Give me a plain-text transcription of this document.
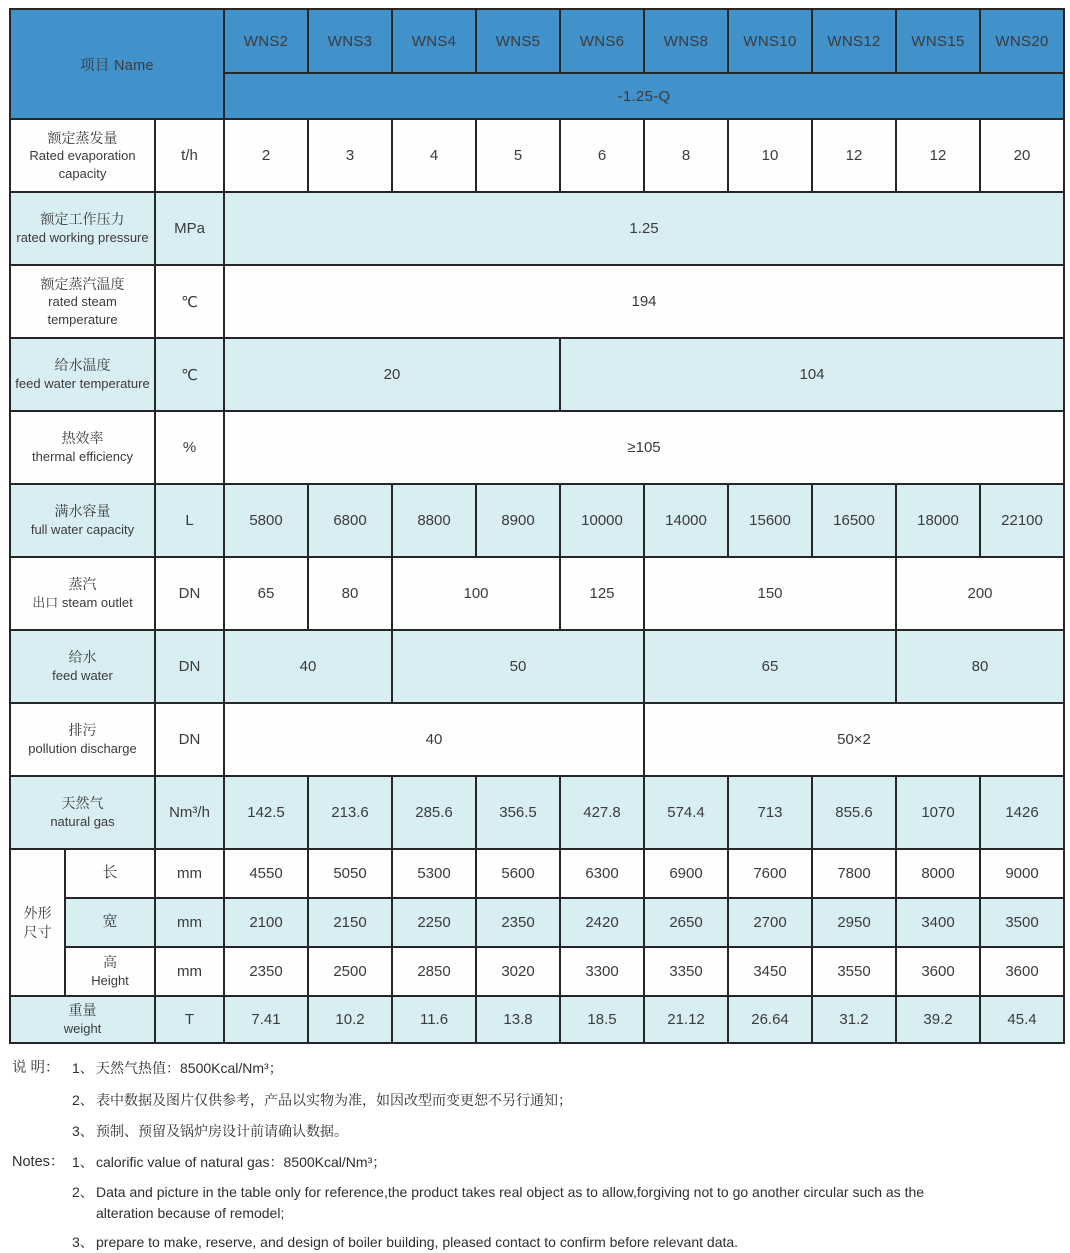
项目 Name			WNS2	WNS3	WNS4	WNS5	WNS6	WNS8	WNS10	WNS12	WNS15	WNS20
			-1.25-Q									

额定蒸发量
Rated evaporation capacity		t/h	2	3	4	5	6	8	10	12	12	20

额定工作压力
rated working pressure		MPa	1.25									

额定蒸汽温度
rated steam temperature		℃	194									

给水温度
feed water temperature		℃	20				104					

热效率
thermal efficiency		%	≥105									

满水容量
full water capacity		L	5800	6800	8800	8900	10000	14000	15600	16500	18000	22100

蒸汽
出口 steam outlet		DN	65	80	100		125	150			200	

给水
feed water		DN	40		50			65			80	

排污
pollution discharge		DN	40					50×2				

天然气
natural gas		Nm³/h	142.5	213.6	285.6	356.5	427.8	574.4	713	855.6	1070	1426

外形
尺寸	长	mm	4550	5050	5300	5600	6300	6900	7600	7800	8000	9000
	宽	mm	2100	2150	2250	2350	2420	2650	2700	2950	3400	3500

	高
Height	mm	2350	2500	2850	3020	3300	3350	3450	3550	3600	3600

重量
weight		T	7.41	10.2	11.6	13.8	18.5	21.12	26.64	31.2	39.2	45.4
说 明： 1、 天然气热值：8500Kcal/Nm³；
2、 表中数据及图片仅供参考，产品以实物为准，如因改型而变更恕不另行通知；
3、 预制、预留及锅炉房设计前请确认数据。
Notes： 1、 calorific value of natural gas：8500Kcal/Nm³；
2、 Data and picture in the table only for reference,the product takes real object as to allow,forgiving not to go another circular such as the alteration because of remodel;
3、 prepare to make, reserve, and design of boiler building, pleased contact to confirm before relevant data.
